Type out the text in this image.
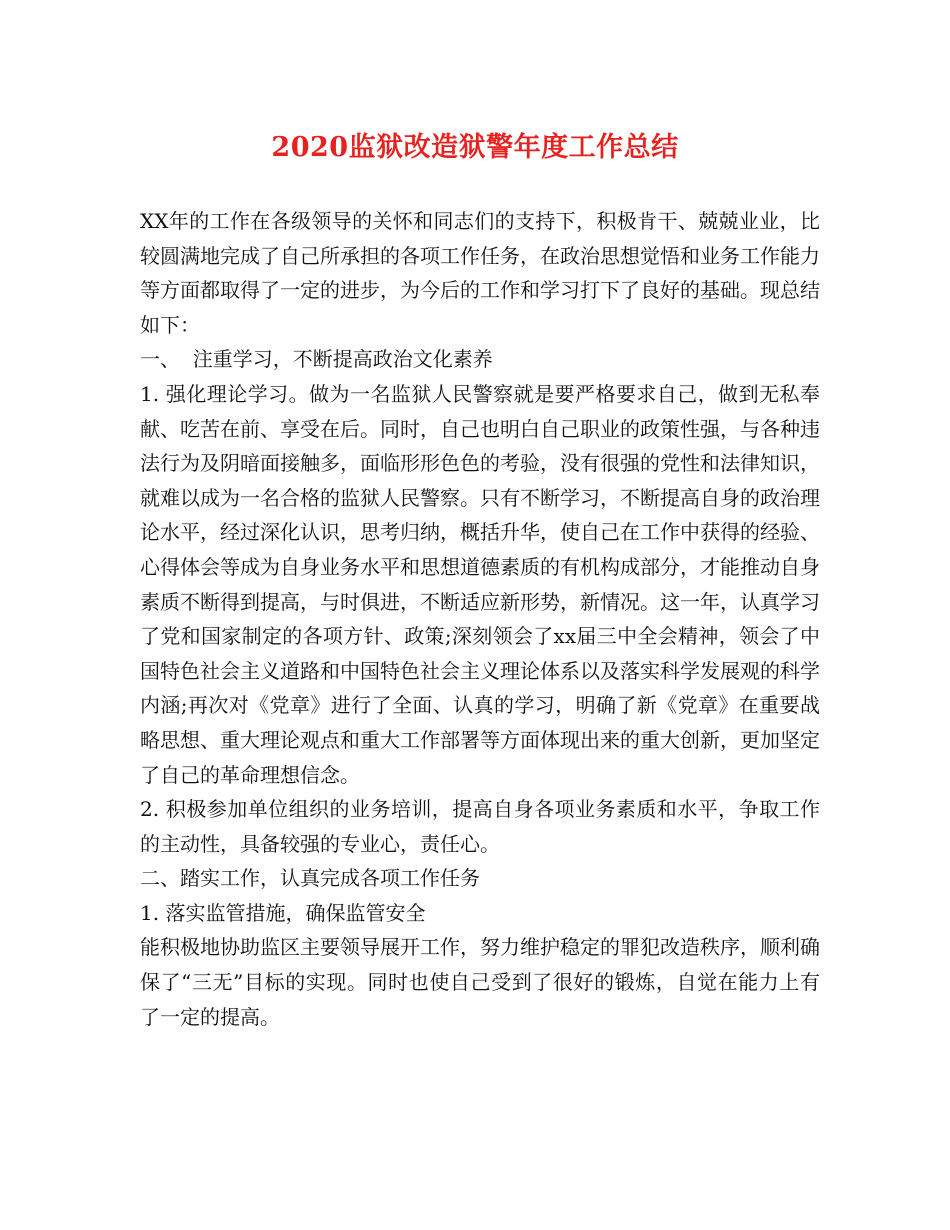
2020监狱改造狱警年度工作总结

XX年的工作在各级领导的关怀和同志们的支持下，积极肯干、兢兢业业，比较圆满地完成了自己所承担的各项工作任务，在政治思想觉悟和业务工作能力等方面都取得了一定的进步，为今后的工作和学习打下了良好的基础。现总结如下：

一、  注重学习，不断提高政治文化素养

1. 强化理论学习。做为一名监狱人民警察就是要严格要求自己，做到无私奉献、吃苦在前、享受在后。同时，自己也明白自己职业的政策性强，与各种违法行为及阴暗面接触多，面临形形色色的考验，没有很强的党性和法律知识，就难以成为一名合格的监狱人民警察。只有不断学习，不断提高自身的政治理论水平，经过深化认识，思考归纳，概括升华，使自己在工作中获得的经验、心得体会等成为自身业务水平和思想道德素质的有机构成部分，才能推动自身素质不断得到提高，与时俱进，不断适应新形势，新情况。这一年，认真学习了党和国家制定的各项方针、政策;深刻领会了xx届三中全会精神，领会了中国特色社会主义道路和中国特色社会主义理论体系以及落实科学发展观的科学内涵;再次对《党章》进行了全面、认真的学习，明确了新《党章》在重要战略思想、重大理论观点和重大工作部署等方面体现出来的重大创新，更加坚定了自己的革命理想信念。

2. 积极参加单位组织的业务培训，提高自身各项业务素质和水平，争取工作的主动性，具备较强的专业心，责任心。

二、踏实工作，认真完成各项工作任务

1. 落实监管措施，确保监管安全

能积极地协助监区主要领导展开工作，努力维护稳定的罪犯改造秩序，顺利确保了“三无”目标的实现。同时也使自己受到了很好的锻炼，自觉在能力上有了一定的提高。
